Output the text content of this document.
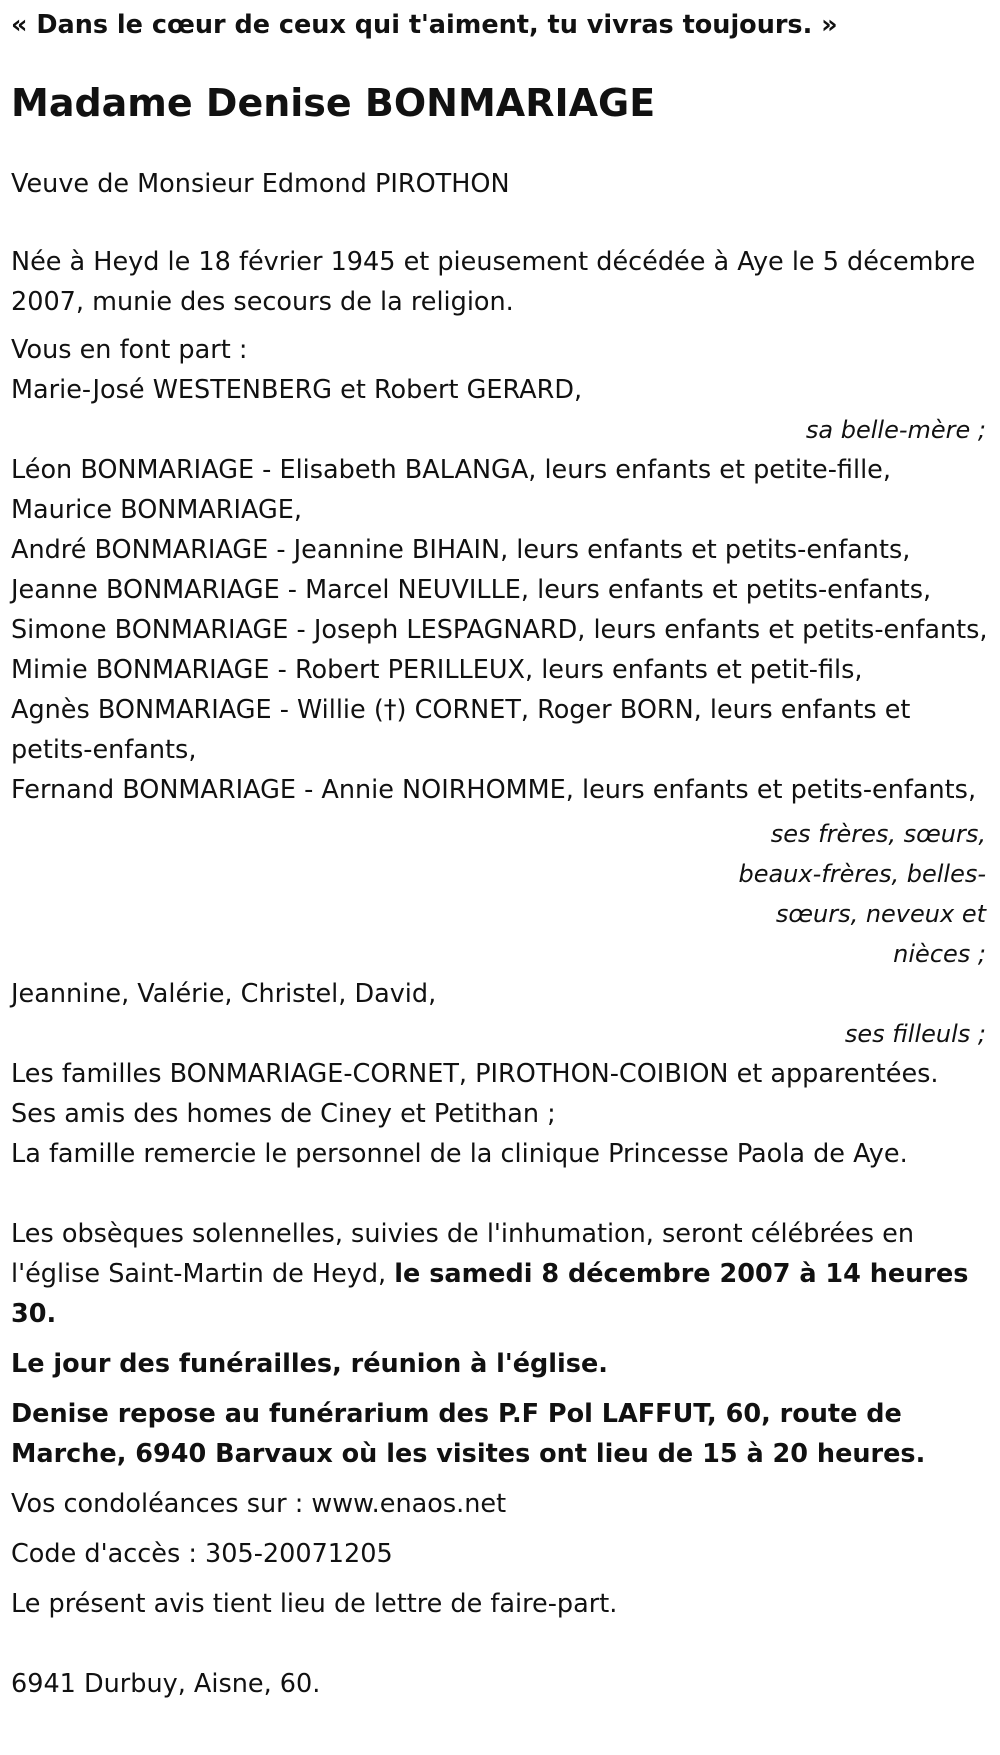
« Dans le cœur de ceux qui t'aiment, tu vivras toujours. »

Madame Denise BONMARIAGE

Veuve de Monsieur Edmond PIROTHON

Née à Heyd le 18 février 1945 et pieusement décédée à Aye le 5 décembre 2007, munie des secours de la religion.

Vous en font part :

Marie-José WESTENBERG et Robert GERARD,
sa belle-mère ;
Léon BONMARIAGE - Elisabeth BALANGA, leurs enfants et petite-fille,
Maurice BONMARIAGE,
André BONMARIAGE - Jeannine BIHAIN, leurs enfants et petits-enfants,
Jeanne BONMARIAGE - Marcel NEUVILLE, leurs enfants et petits-enfants,
Simone BONMARIAGE - Joseph LESPAGNARD, leurs enfants et petits-enfants,
Mimie BONMARIAGE - Robert PERILLEUX, leurs enfants et petit-fils,
Agnès BONMARIAGE - Willie (†) CORNET, Roger BORN, leurs enfants et petits-enfants,
Fernand BONMARIAGE - Annie NOIRHOMME, leurs enfants et petits-enfants,
ses frères, sœurs, beaux-frères, belles-sœurs, neveux et nièces ;
Jeannine, Valérie, Christel, David,
ses filleuls ;
Les familles BONMARIAGE-CORNET, PIROTHON-COIBION et apparentées.
Ses amis des homes de Ciney et Petithan ;
La famille remercie le personnel de la clinique Princesse Paola de Aye.

Les obsèques solennelles, suivies de l'inhumation, seront célébrées en l'église Saint-Martin de Heyd, le samedi 8 décembre 2007 à 14 heures 30.

Le jour des funérailles, réunion à l'église.

Denise repose au funérarium des P.F Pol LAFFUT, 60, route de Marche, 6940 Barvaux où les visites ont lieu de 15 à 20 heures.

Vos condoléances sur : www.enaos.net

Code d'accès : 305-20071205

Le présent avis tient lieu de lettre de faire-part.

6941 Durbuy, Aisne, 60.
